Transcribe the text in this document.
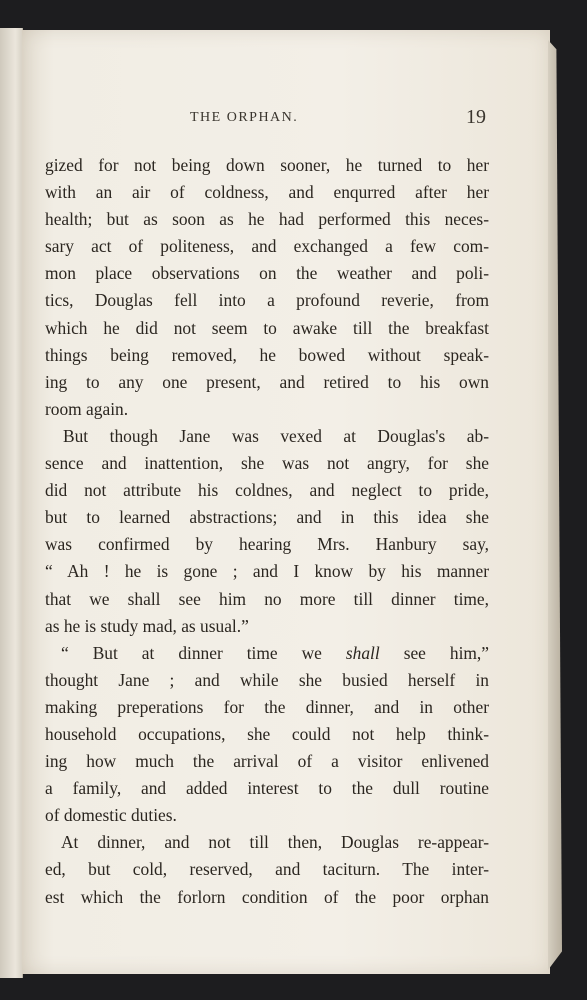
THE ORPHAN.	19
gized for not being down sooner, he turned to her
with an air of coldness, and enqurred after her
health; but as soon as he had performed this neces-
sary act of politeness, and exchanged a few com-
mon place observations on the weather and poli-
tics, Douglas fell into a profound reverie, from
which he did not seem to awake till the breakfast
things being removed, he bowed without speak-
ing to any one present, and retired to his own
room again.
But though Jane was vexed at Douglas's ab-
sence and inattention, she was not angry, for she
did not attribute his coldnes, and neglect to pride,
but to learned abstractions; and in this idea she
was confirmed by hearing Mrs. Hanbury say,
“ Ah ! he is gone ; and I know by his manner
that we shall see him no more till dinner time,
as he is study mad, as usual.”
“ But at dinner time we shall see him,”
thought Jane ; and while she busied herself in
making preperations for the dinner, and in other
household occupations, she could not help think-
ing how much the arrival of a visitor enlivened
a family, and added interest to the dull routine
of domestic duties.
At dinner, and not till then, Douglas re-appear-
ed, but cold, reserved, and taciturn. The inter-
est which the forlorn condition of the poor orphan
